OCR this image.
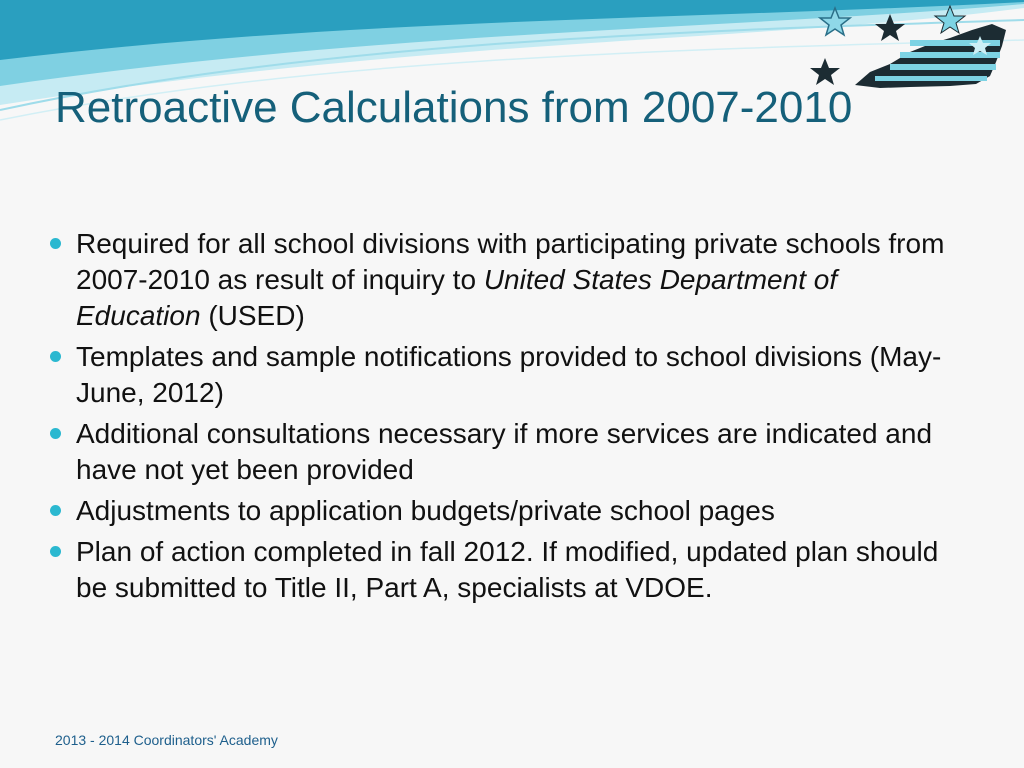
Retroactive Calculations from 2007-2010
Required for all school divisions with participating private schools from 2007-2010 as result of inquiry to United States Department of Education (USED)
Templates and sample notifications provided to school divisions (May-June, 2012)
Additional consultations necessary if more services are indicated and have not yet been provided
Adjustments to application budgets/private school pages
Plan of action completed in fall 2012. If modified, updated plan should be submitted to Title II, Part A, specialists at VDOE.

2013 - 2014 Coordinators' Academy
